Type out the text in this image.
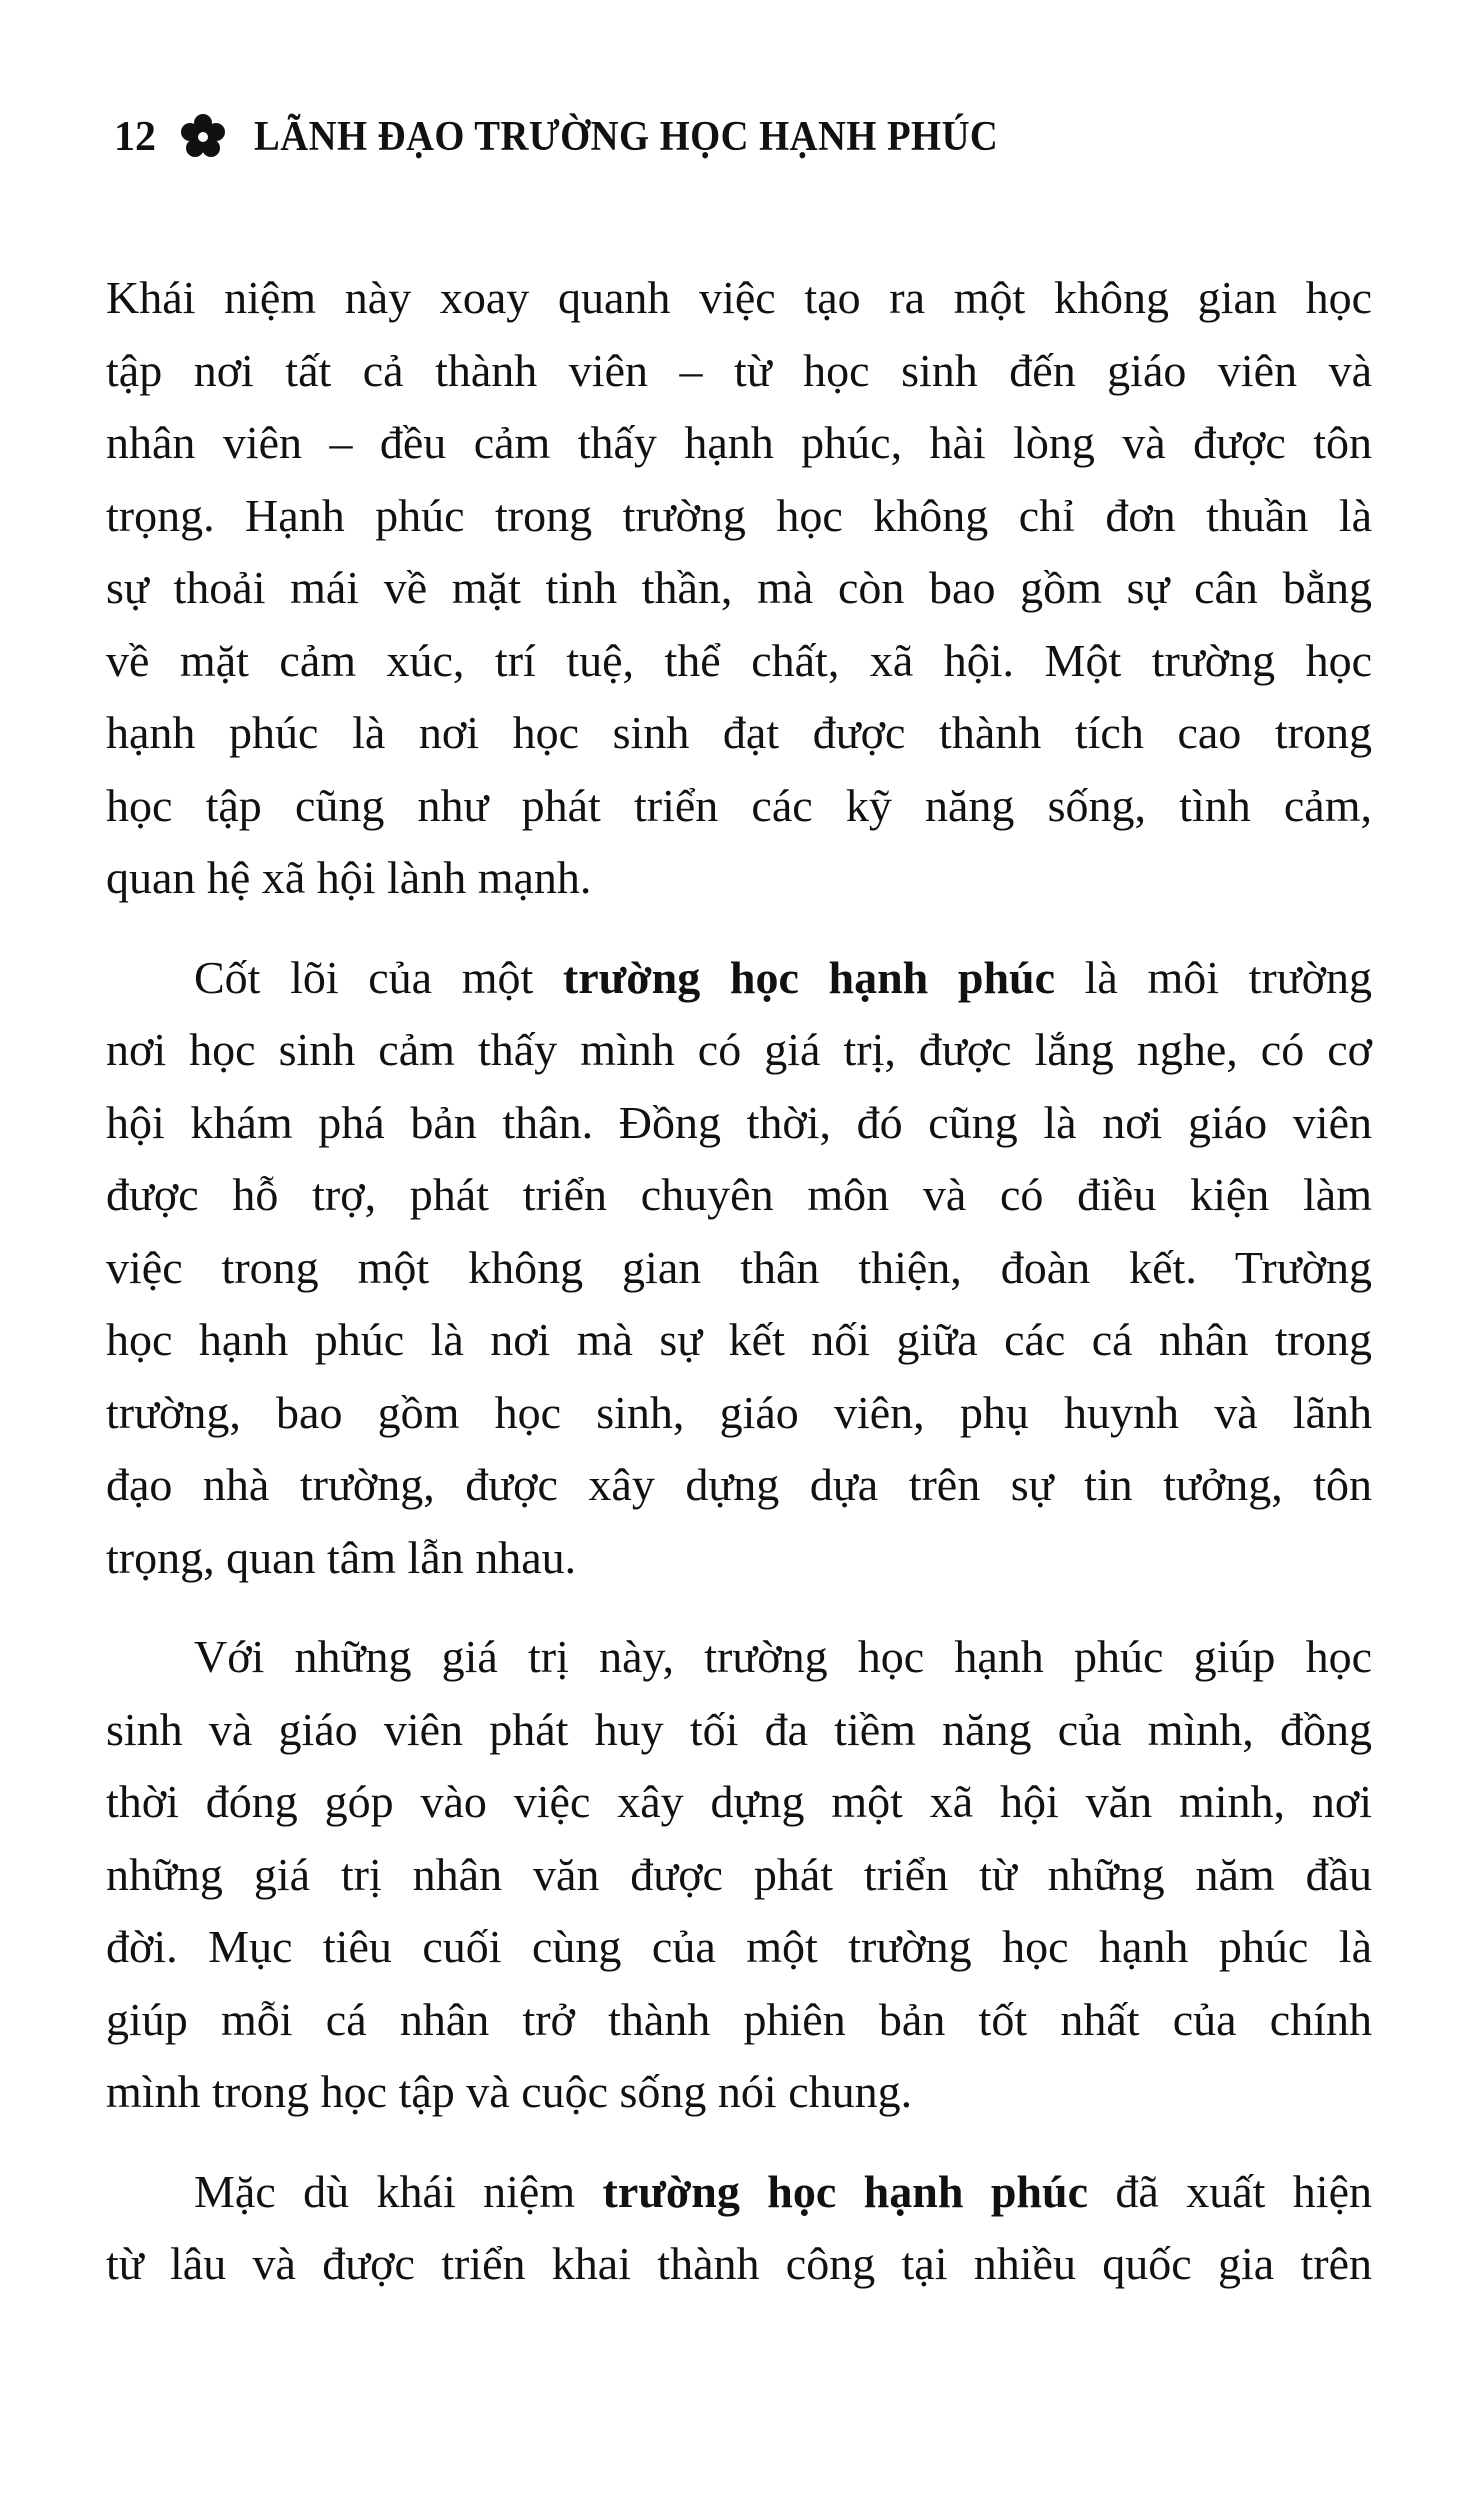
12 LÃNH ĐẠO TRƯỜNG HỌC HẠNH PHÚC
Khái niệm này xoay quanh việc tạo ra một không gian học
tập nơi tất cả thành viên – từ học sinh đến giáo viên và
nhân viên – đều cảm thấy hạnh phúc, hài lòng và được tôn
trọng. Hạnh phúc trong trường học không chỉ đơn thuần là
sự thoải mái về mặt tinh thần, mà còn bao gồm sự cân bằng
về mặt cảm xúc, trí tuệ, thể chất, xã hội. Một trường học
hạnh phúc là nơi học sinh đạt được thành tích cao trong
học tập cũng như phát triển các kỹ năng sống, tình cảm,
quan hệ xã hội lành mạnh.
Cốt lõi của một trường học hạnh phúc là môi trường
nơi học sinh cảm thấy mình có giá trị, được lắng nghe, có cơ
hội khám phá bản thân. Đồng thời, đó cũng là nơi giáo viên
được hỗ trợ, phát triển chuyên môn và có điều kiện làm
việc trong một không gian thân thiện, đoàn kết. Trường
học hạnh phúc là nơi mà sự kết nối giữa các cá nhân trong
trường, bao gồm học sinh, giáo viên, phụ huynh và lãnh
đạo nhà trường, được xây dựng dựa trên sự tin tưởng, tôn
trọng, quan tâm lẫn nhau.
Với những giá trị này, trường học hạnh phúc giúp học
sinh và giáo viên phát huy tối đa tiềm năng của mình, đồng
thời đóng góp vào việc xây dựng một xã hội văn minh, nơi
những giá trị nhân văn được phát triển từ những năm đầu
đời. Mục tiêu cuối cùng của một trường học hạnh phúc là
giúp mỗi cá nhân trở thành phiên bản tốt nhất của chính
mình trong học tập và cuộc sống nói chung.
Mặc dù khái niệm trường học hạnh phúc đã xuất hiện
từ lâu và được triển khai thành công tại nhiều quốc gia trên
